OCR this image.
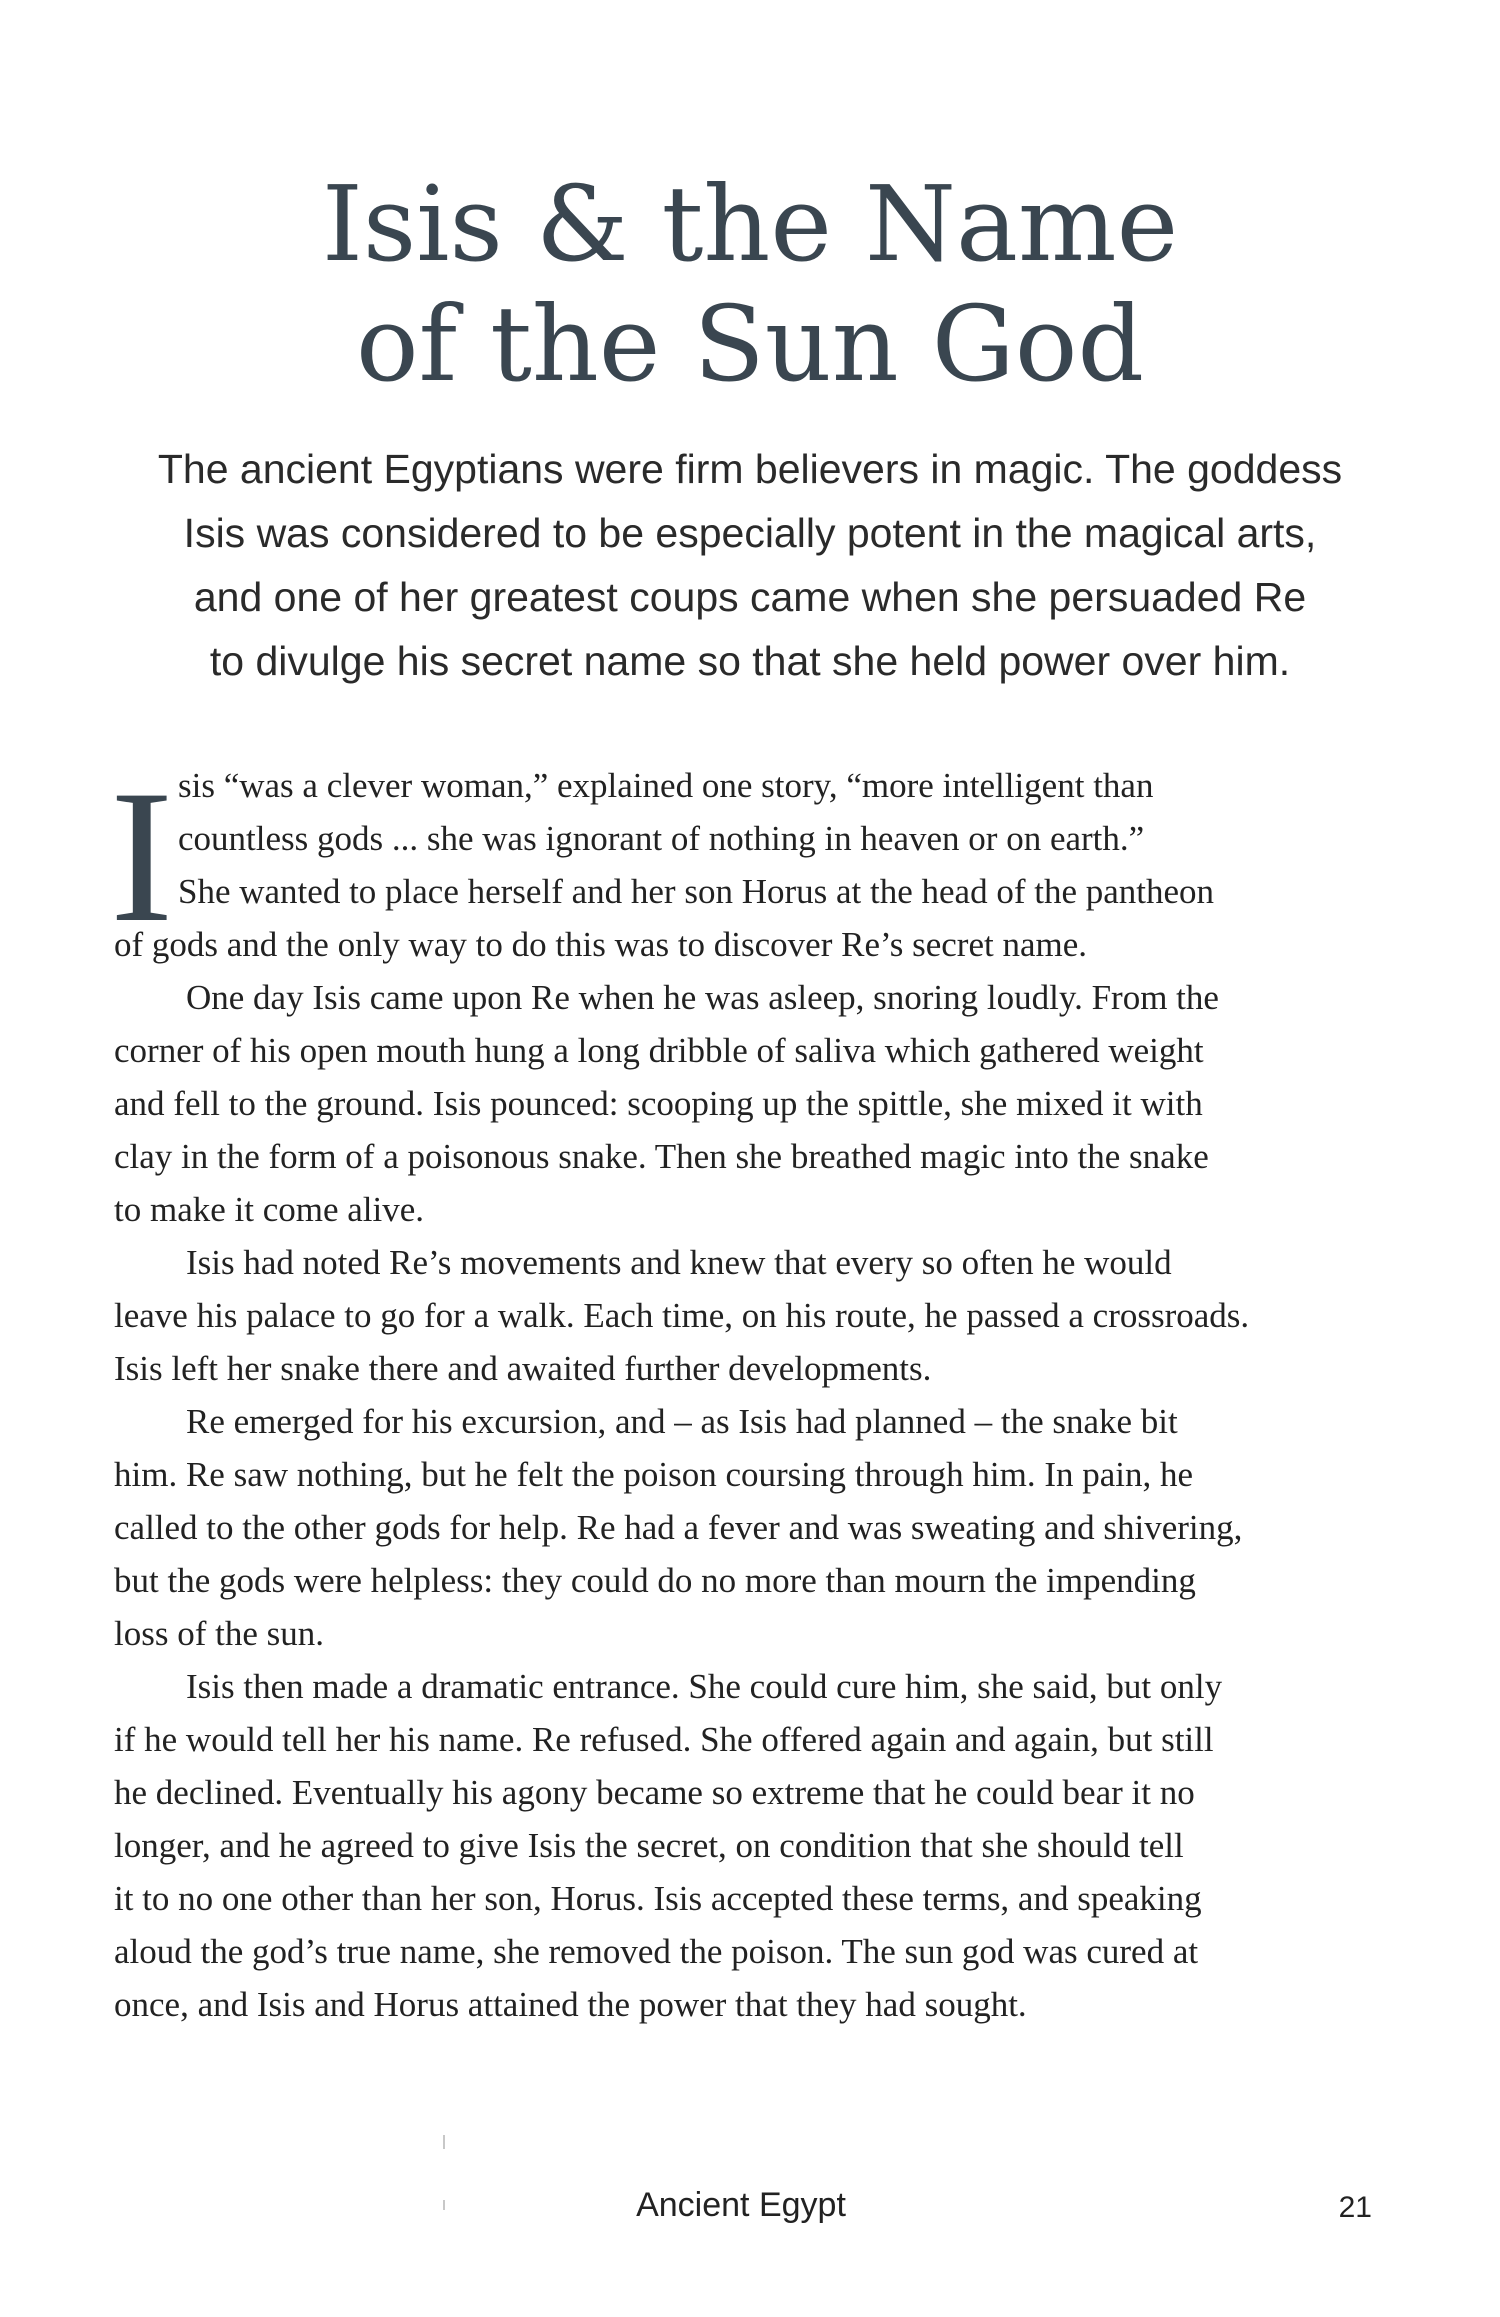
Isis & the Name
of the Sun God
The ancient Egyptians were firm believers in magic. The goddess
Isis was considered to be especially potent in the magical arts,
and one of her greatest coups came when she persuaded Re
to divulge his secret name so that she held power over him.
I sis “was a clever woman,” explained one story, “more intelligent than
countless gods ... she was ignorant of nothing in heaven or on earth.”
She wanted to place herself and her son Horus at the head of the pantheon
of gods and the only way to do this was to discover Re’s secret name.
One day Isis came upon Re when he was asleep, snoring loudly. From the
corner of his open mouth hung a long dribble of saliva which gathered weight
and fell to the ground. Isis pounced: scooping up the spittle, she mixed it with
clay in the form of a poisonous snake. Then she breathed magic into the snake
to make it come alive.
Isis had noted Re’s movements and knew that every so often he would
leave his palace to go for a walk. Each time, on his route, he passed a crossroads.
Isis left her snake there and awaited further developments.
Re emerged for his excursion, and – as Isis had planned – the snake bit
him. Re saw nothing, but he felt the poison coursing through him. In pain, he
called to the other gods for help. Re had a fever and was sweating and shivering,
but the gods were helpless: they could do no more than mourn the impending
loss of the sun.
Isis then made a dramatic entrance. She could cure him, she said, but only
if he would tell her his name. Re refused. She offered again and again, but still
he declined. Eventually his agony became so extreme that he could bear it no
longer, and he agreed to give Isis the secret, on condition that she should tell
it to no one other than her son, Horus. Isis accepted these terms, and speaking
aloud the god’s true name, she removed the poison. The sun god was cured at
once, and Isis and Horus attained the power that they had sought.
Ancient Egypt	21
